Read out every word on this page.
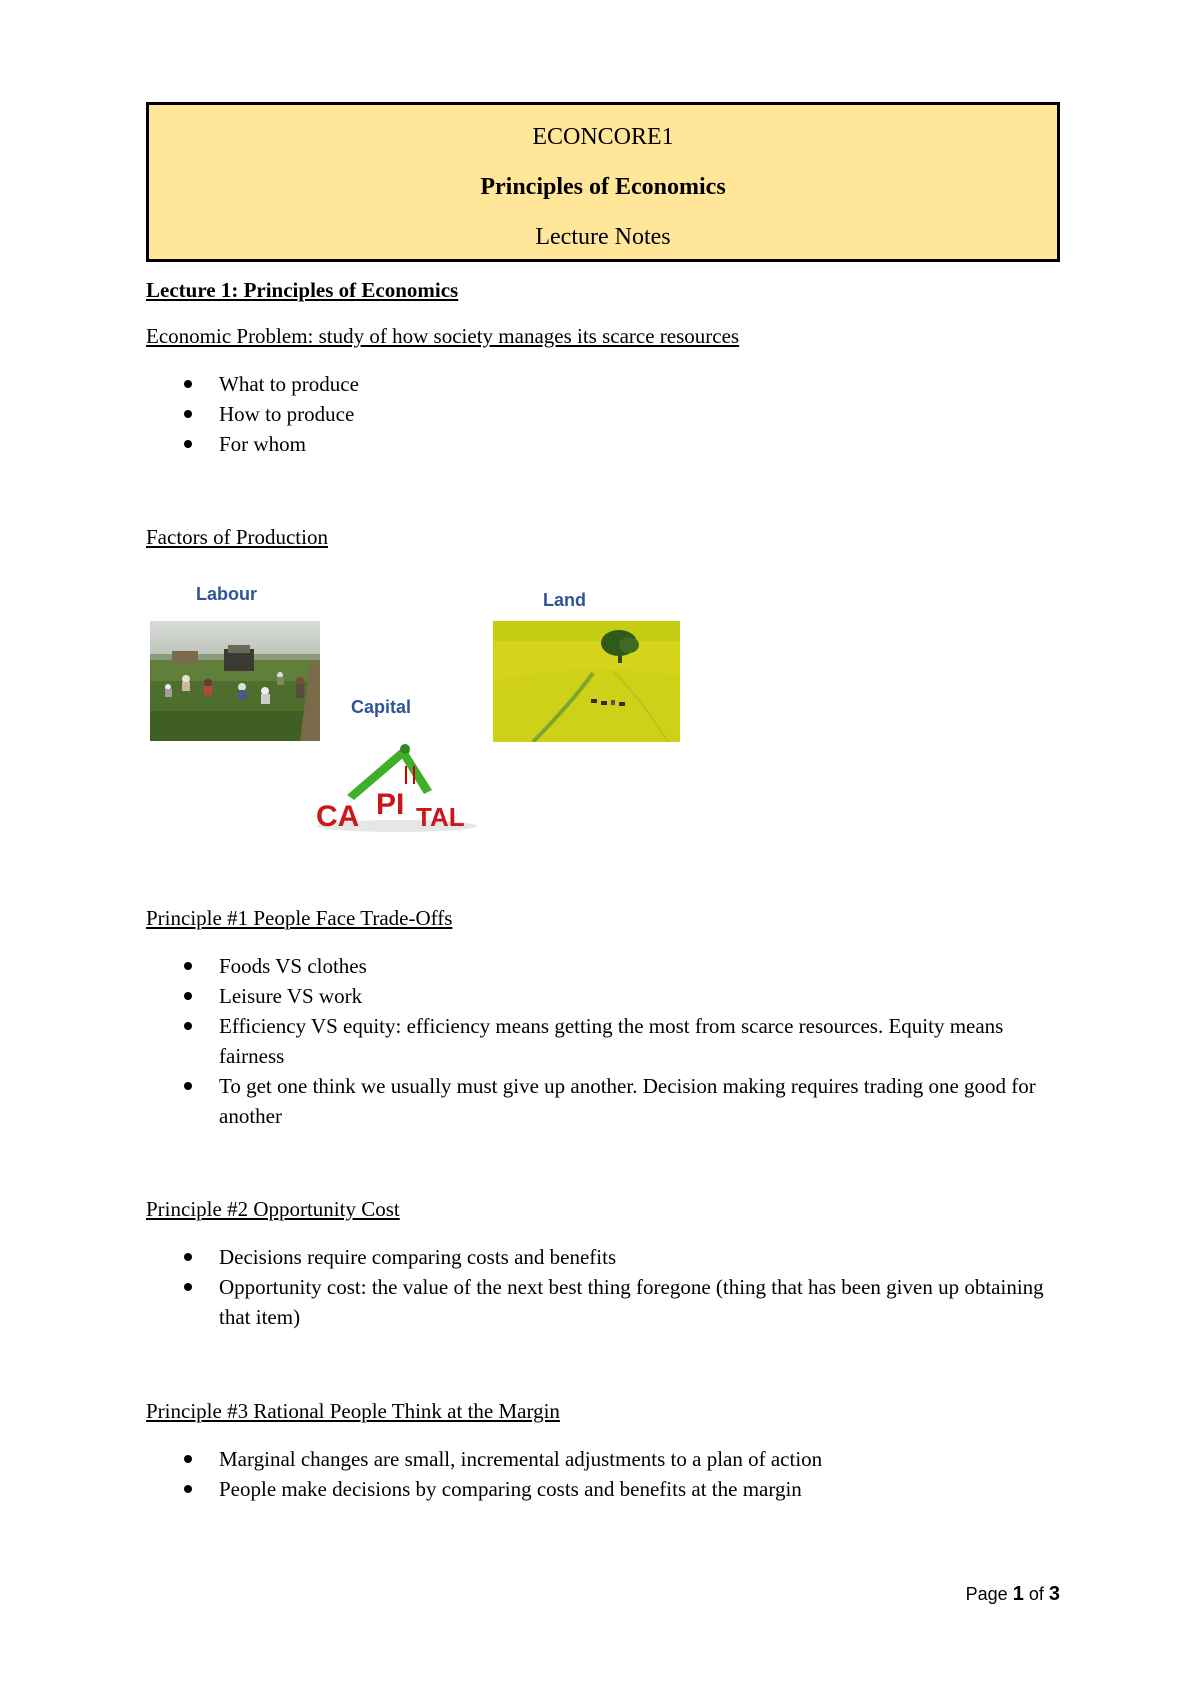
ECONCORE1
Principles of Economics
Lecture Notes
Lecture 1: Principles of Economics
Economic Problem: study of how society manages its scarce resources
What to produce
How to produce
For whom
Factors of Production
Labour
Capital
CA PI TAL
Land
Principle #1 People Face Trade-Offs
Foods VS clothes
Leisure VS work
Efficiency VS equity: efficiency means getting the most from scarce resources. Equity means fairness
To get one think we usually must give up another. Decision making requires trading one good for another
Principle #2 Opportunity Cost
Decisions require comparing costs and benefits
Opportunity cost: the value of the next best thing foregone (thing that has been given up obtaining that item)
Principle #3 Rational People Think at the Margin
Marginal changes are small, incremental adjustments to a plan of action
People make decisions by comparing costs and benefits at the margin
Page 1 of 3
